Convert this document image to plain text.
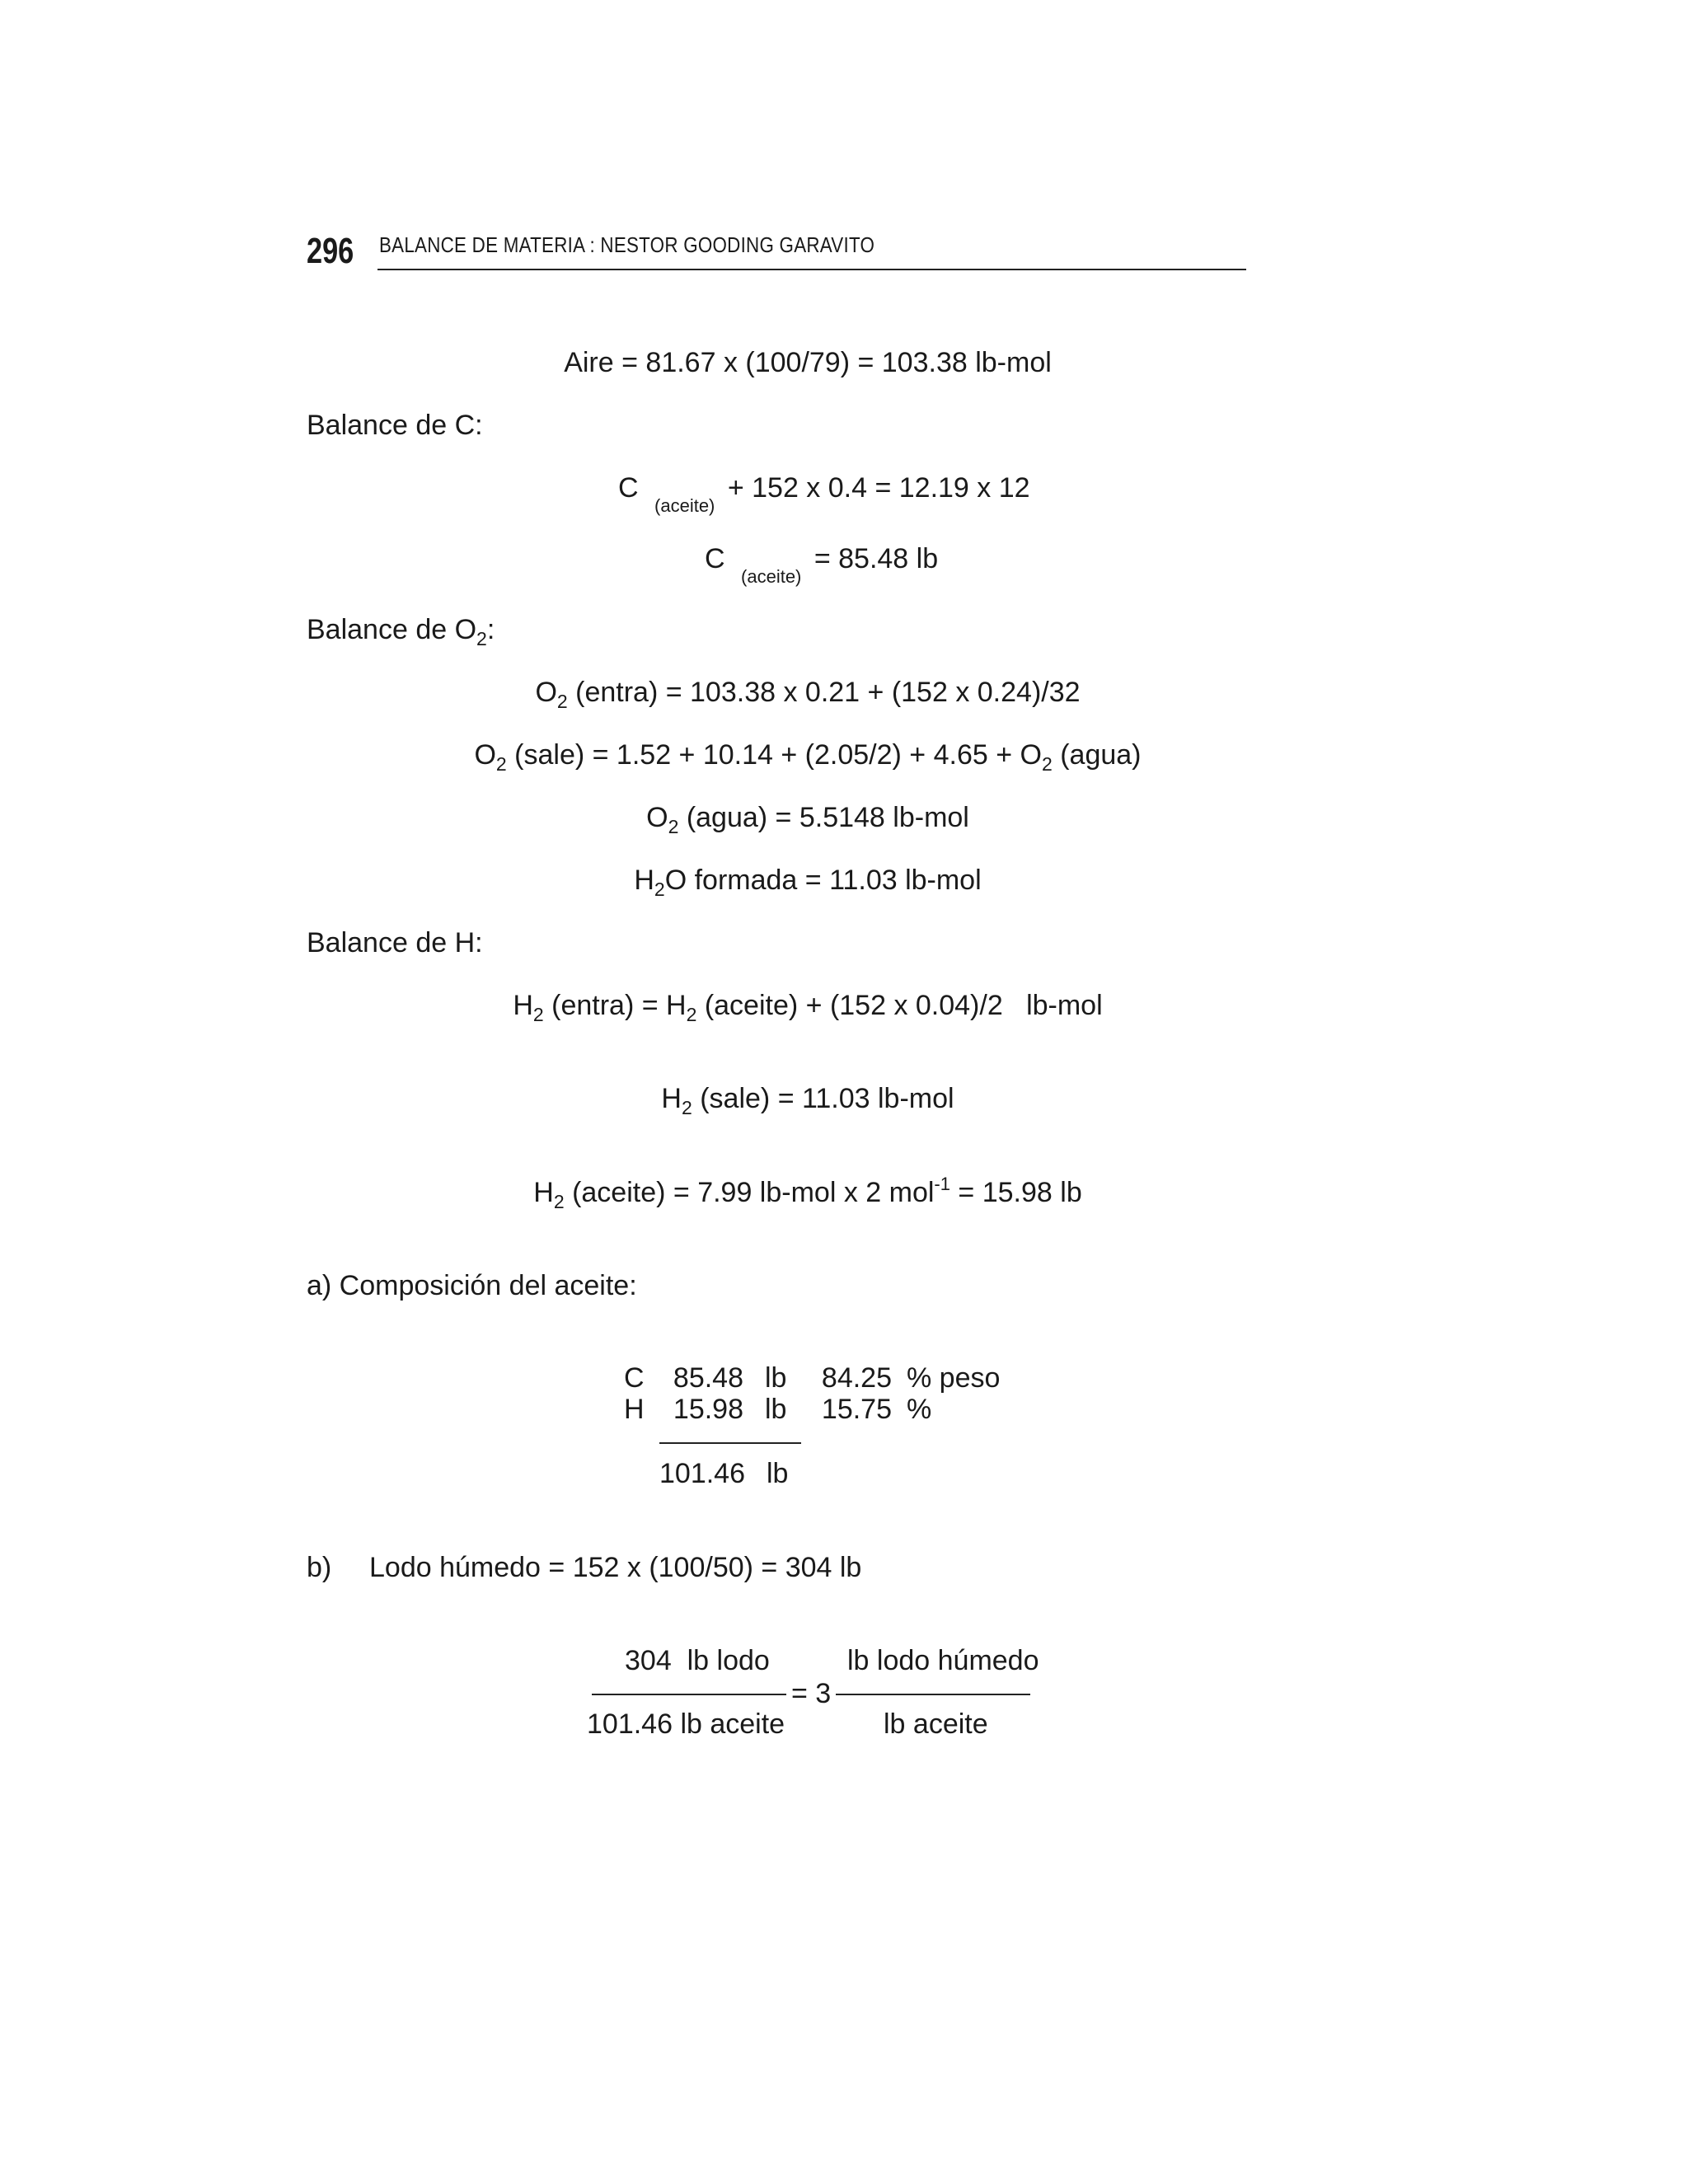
296 BALANCE DE MATERIA : NESTOR GOODING GARAVITO
Aire = 81.67 x (100/79) = 103.38 lb-mol
Balance de C:
C $_{(aceite)}$ + 152 x 0.4 = 12.19 x 12
C $_{(aceite)}$ = 85.48 lb
Balance de $O_2$:
$O_2$ (entra) = 103.38 x 0.21 + (152 x 0.24)/32
$O_2$ (sale) = $1.52 + 10.14 + (2.05/2) + 4.65 + O_2$ (agua)
$O_2$ (agua) = 5.5148 lb-mol
$H_2O$ formada = 11.03 lb-mol
Balance de H:
$H_2$ (entra) = $H_2$ (aceite) + (152 x 0.04)/2   lb-mol
$H_2$ (sale) = 11.03 lb-mol
$H_2$ (aceite) = 7.99 lb-mol x 2 mol$^{-1}$ = 15.98 lb
a) Composición del aceite:
C	85.48 lb	84.25 % peso
H	15.98 lb	15.75 %
101.46 lb
b) Lodo húmedo = 152 x (100/50) = 304 lb
304  lb lodo
101.46 lb aceite
= 3
lb lodo húmedo
lb aceite
